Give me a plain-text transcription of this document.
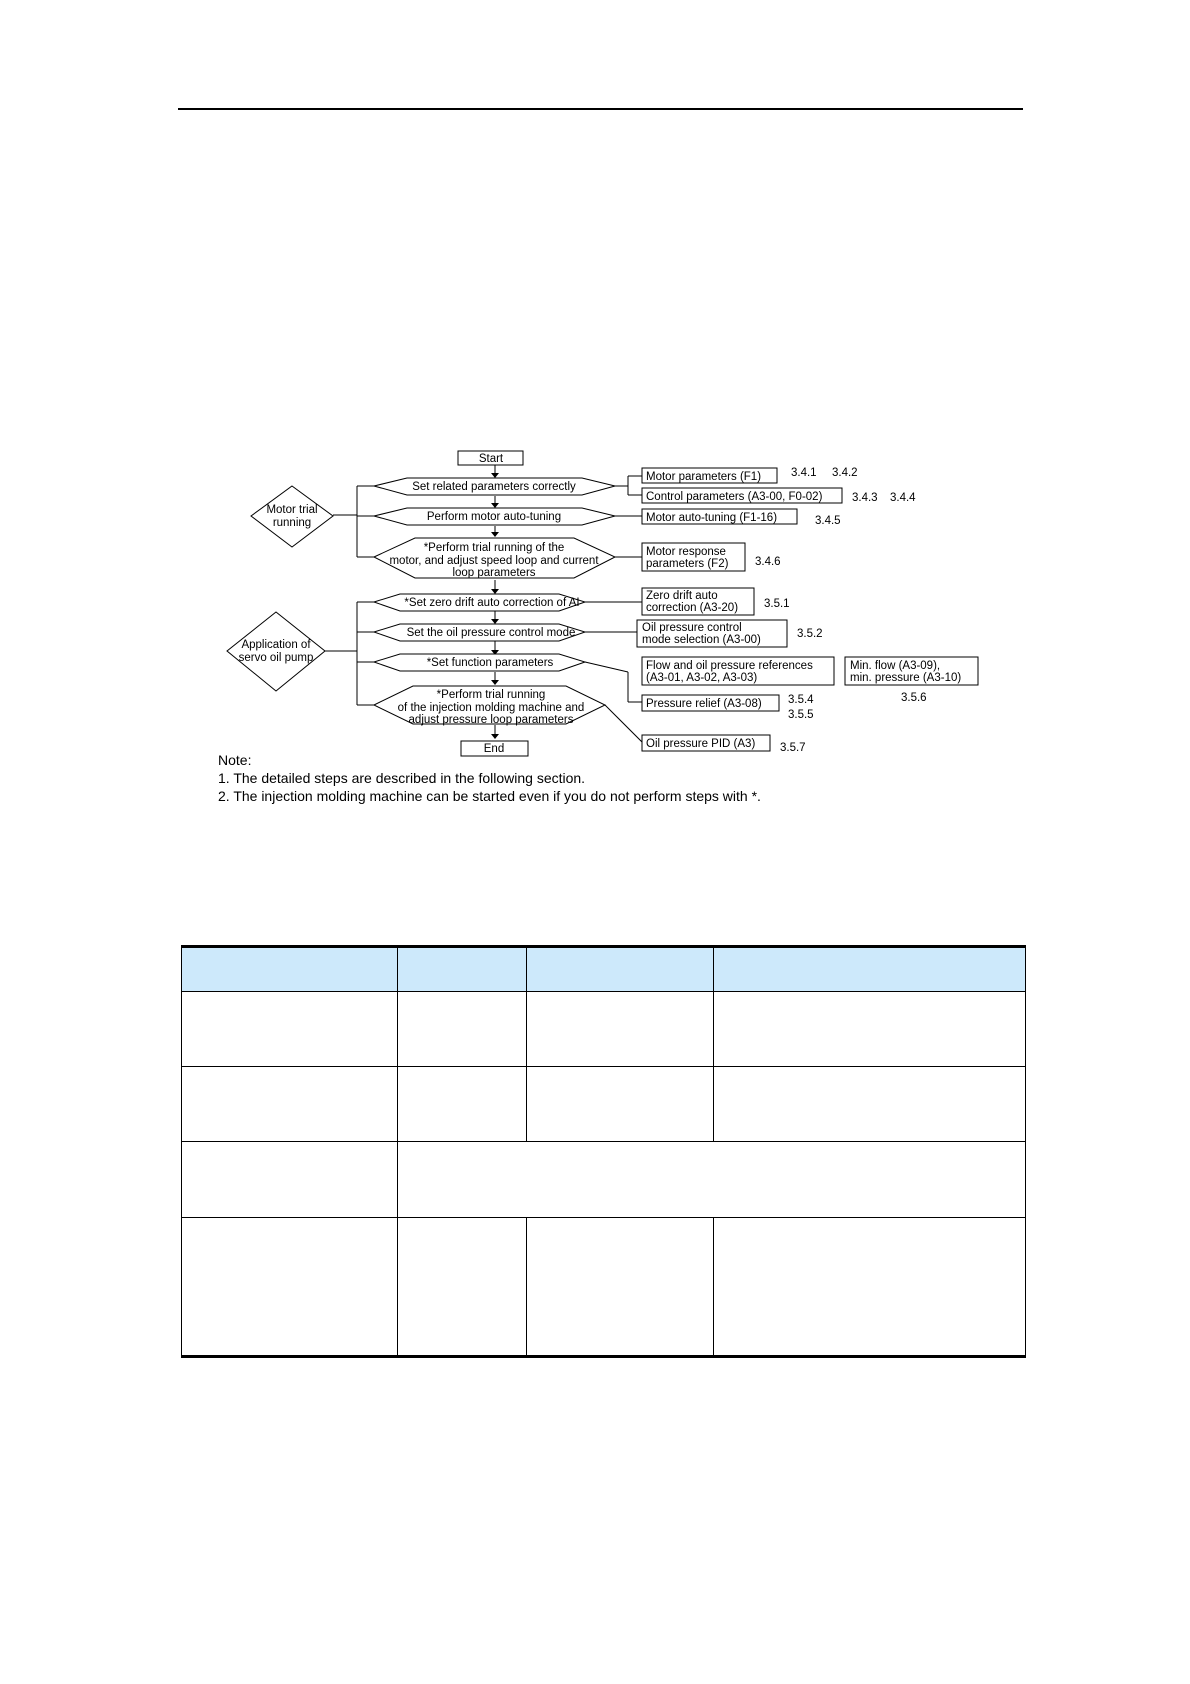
Start
End
Motor trial running
Application of servo oil pump
Set related parameters correctly
Perform motor auto-tuning
*Perform trial running of the motor, and adjust speed loop and current loop parameters
*Set zero drift auto correction of AI
Set the oil pressure control mode
*Set function parameters
*Perform trial running of the injection molding machine and adjust pressure loop parameters
Motor parameters (F1)
Control parameters (A3-00, F0-02)
Motor auto-tuning (F1-16)
Motor response parameters (F2)
Zero drift auto correction (A3-20)
Oil pressure control mode selection (A3-00)
Flow and oil pressure references (A3-01, A3-02, A3-03)
Min. flow (A3-09), min. pressure (A3-10)
Pressure relief (A3-08)
Oil pressure PID (A3)
3.4.1 3.4.2
3.4.3 3.4.4
3.4.5
3.4.6
3.5.1
3.5.2
3.5.6
3.5.4
3.5.5
3.5.7
Note:
1. The detailed steps are described in the following section.
2. The injection molding machine can be started even if you do not perform steps with *.
